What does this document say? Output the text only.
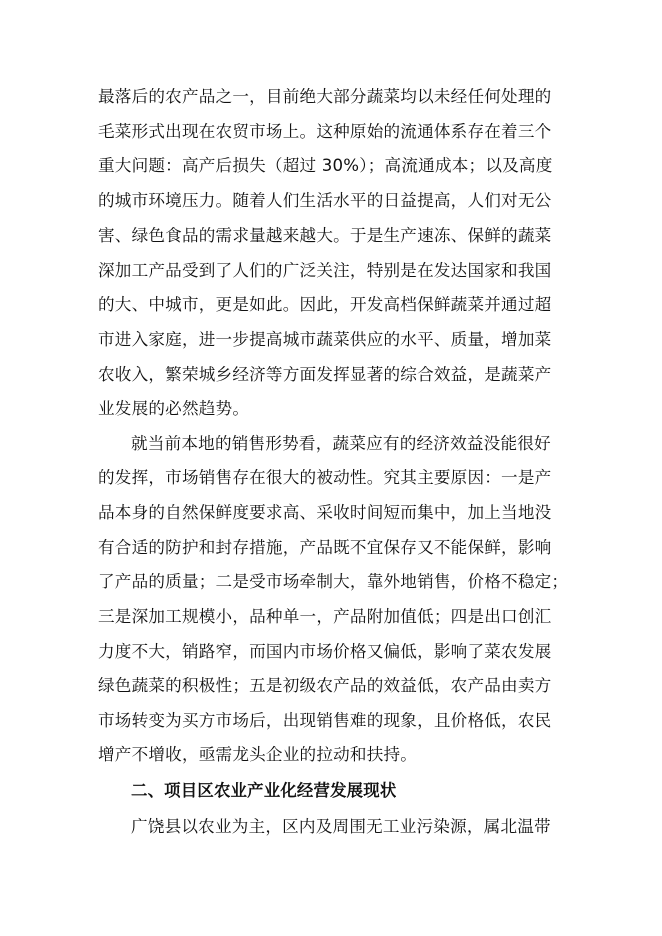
最落后的农产品之一，目前绝大部分蔬菜均以未经任何处理的
毛菜形式出现在农贸市场上。这种原始的流通体系存在着三个
重大问题：高产后损失（超过 30%）；高流通成本；以及高度
的城市环境压力。随着人们生活水平的日益提高，人们对无公
害、绿色食品的需求量越来越大。于是生产速冻、保鲜的蔬菜
深加工产品受到了人们的广泛关注，特别是在发达国家和我国
的大、中城市，更是如此。因此，开发高档保鲜蔬菜并通过超
市进入家庭，进一步提高城市蔬菜供应的水平、质量，增加菜
农收入，繁荣城乡经济等方面发挥显著的综合效益，是蔬菜产
业发展的必然趋势。
就当前本地的销售形势看，蔬菜应有的经济效益没能很好
的发挥，市场销售存在很大的被动性。究其主要原因：一是产
品本身的自然保鲜度要求高、采收时间短而集中，加上当地没
有合适的防护和封存措施，产品既不宜保存又不能保鲜，影响
了产品的质量；二是受市场牵制大，靠外地销售，价格不稳定；
三是深加工规模小，品种单一，产品附加值低；四是出口创汇
力度不大，销路窄，而国内市场价格又偏低，影响了菜农发展
绿色蔬菜的积极性；五是初级农产品的效益低，农产品由卖方
市场转变为买方市场后，出现销售难的现象，且价格低，农民
增产不增收，亟需龙头企业的拉动和扶持。
二、项目区农业产业化经营发展现状
广饶县以农业为主，区内及周围无工业污染源，属北温带
